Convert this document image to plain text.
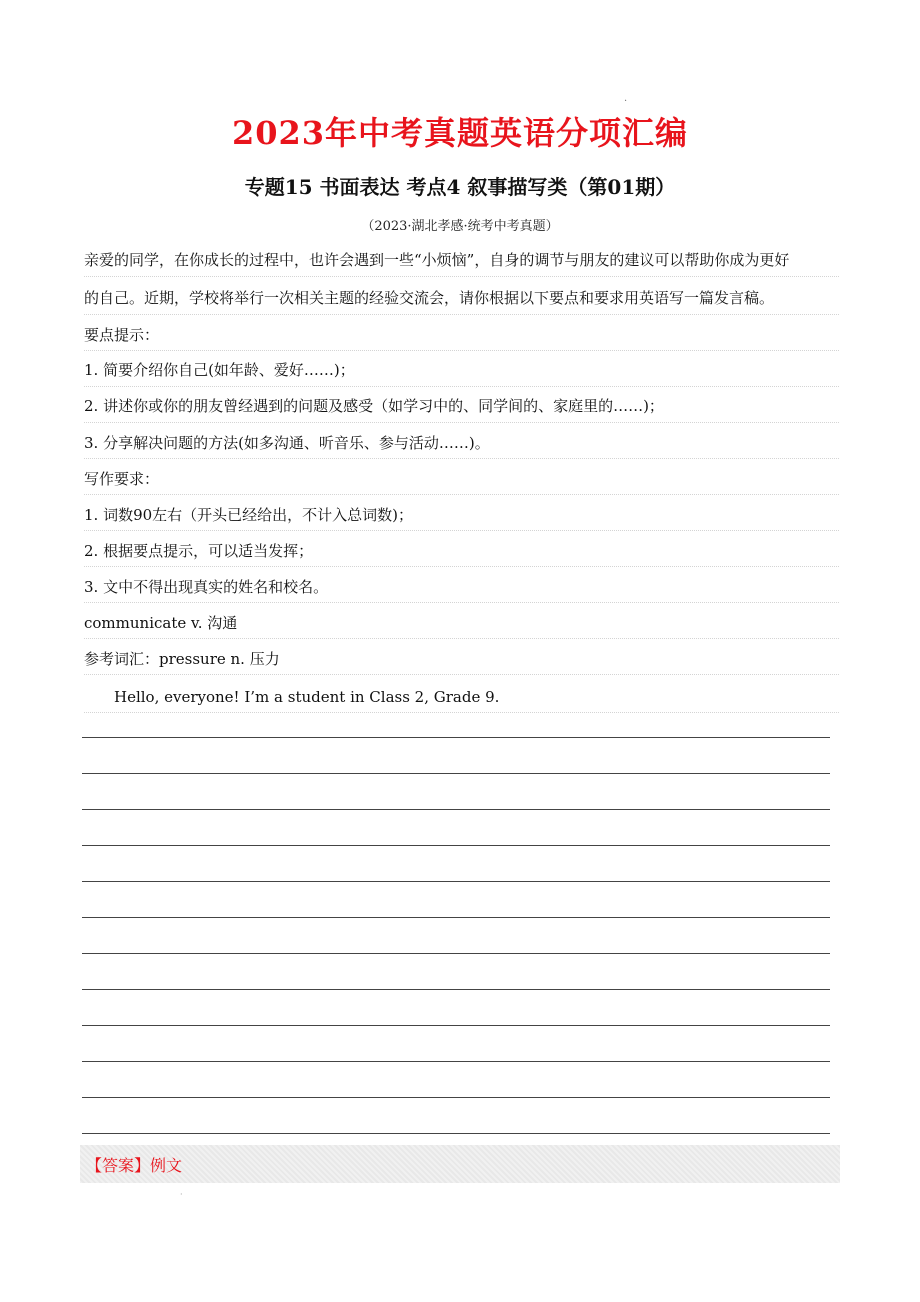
·
2023年中考真题英语分项汇编
专题15 书面表达 考点4 叙事描写类（第01期）
（2023·湖北孝感·统考中考真题）
亲爱的同学，在你成长的过程中，也许会遇到一些“小烦恼”，自身的调节与朋友的建议可以帮助你成为更好
的自己。近期，学校将举行一次相关主题的经验交流会，请你根据以下要点和要求用英语写一篇发言稿。
要点提示：
1. 简要介绍你自己(如年龄、爱好……)；
2. 讲述你或你的朋友曾经遇到的问题及感受（如学习中的、同学间的、家庭里的……)；
3. 分享解决问题的方法(如多沟通、听音乐、参与活动……)。
写作要求：
1. 词数90左右（开头已经给出，不计入总词数)；
2. 根据要点提示，可以适当发挥；
3. 文中不得出现真实的姓名和校名。
communicate v. 沟通
参考词汇：pressure n. 压力
Hello, everyone! I’m a student in Class 2, Grade 9.
【答案】例文
·
